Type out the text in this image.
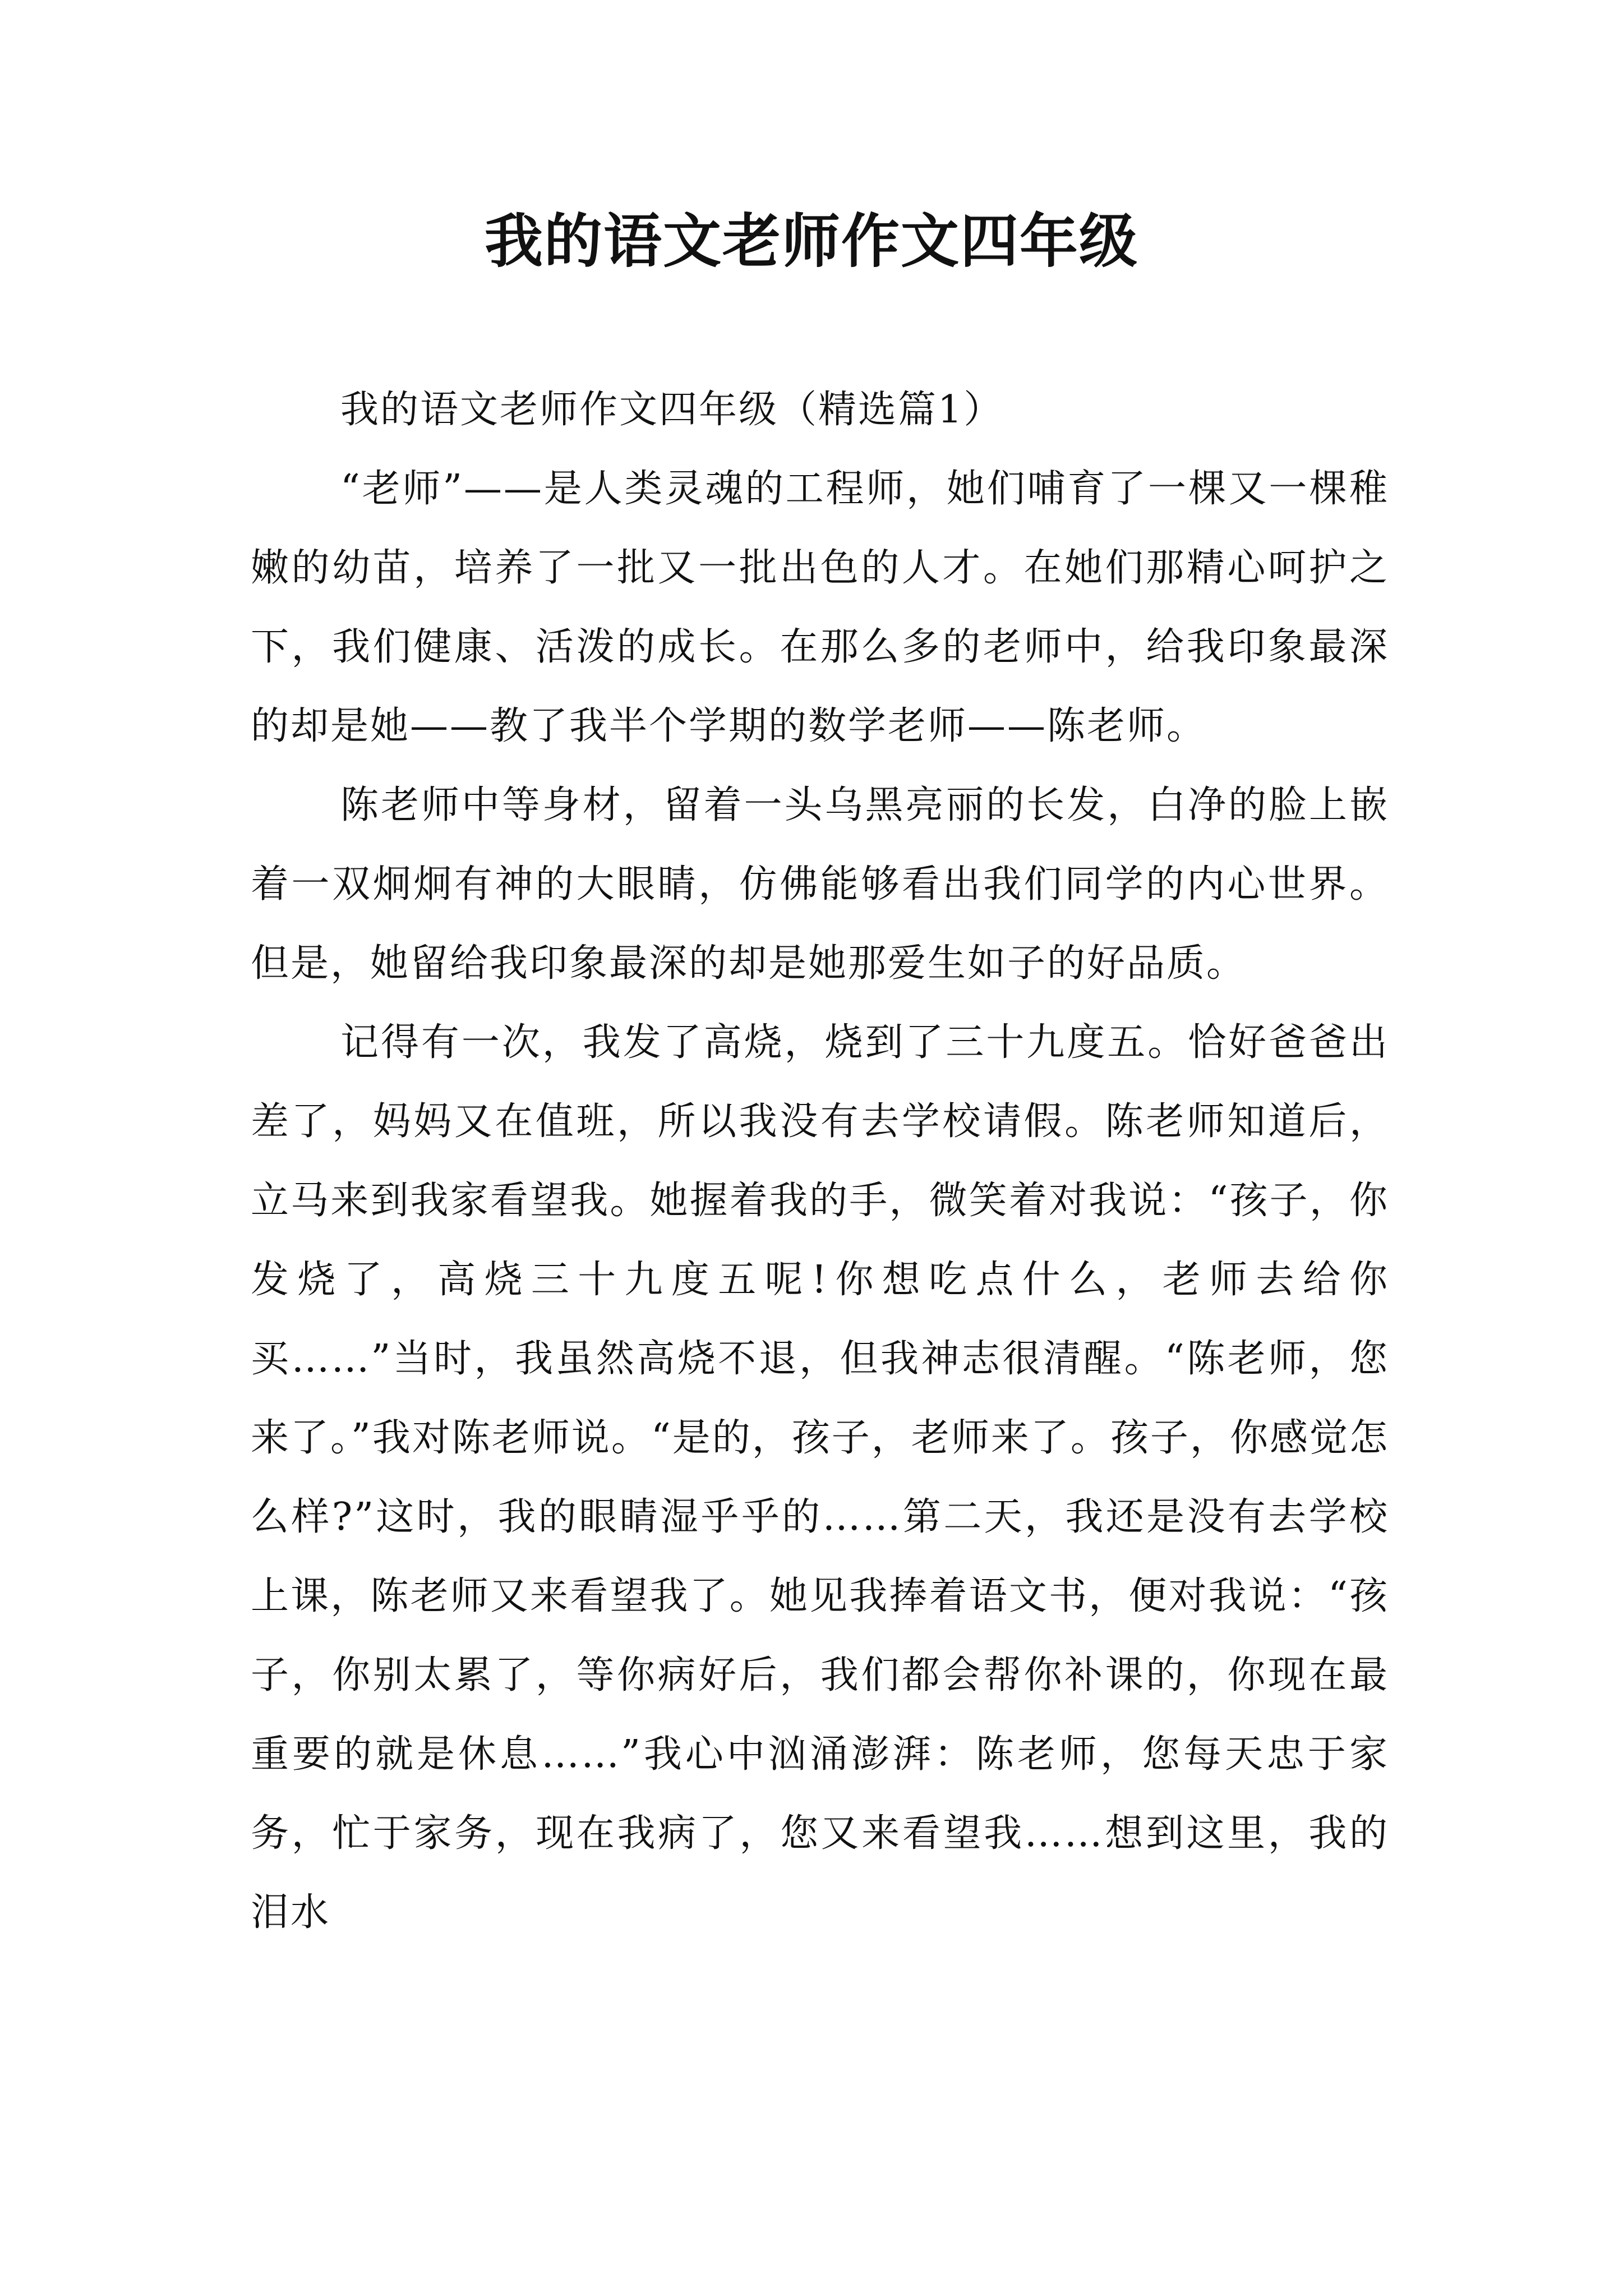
我的语文老师作文四年级

我的语文老师作文四年级（精选篇1）

“老师”——是人类灵魂的工程师，她们哺育了一棵又一棵稚嫩的幼苗，培养了一批又一批出色的人才。在她们那精心呵护之下，我们健康、活泼的成长。在那么多的老师中，给我印象最深的却是她——教了我半个学期的数学老师——陈老师。

陈老师中等身材，留着一头乌黑亮丽的长发，白净的脸上嵌着一双炯炯有神的大眼睛，仿佛能够看出我们同学的内心世界。但是，她留给我印象最深的却是她那爱生如子的好品质。

记得有一次，我发了高烧，烧到了三十九度五。恰好爸爸出差了，妈妈又在值班，所以我没有去学校请假。陈老师知道后，立马来到我家看望我。她握着我的手，微笑着对我说：“孩子，你发烧了，高烧三十九度五呢!你想吃点什么，老师去给你买……”当时，我虽然高烧不退，但我神志很清醒。“陈老师，您来了。”我对陈老师说。“是的，孩子，老师来了。孩子，你感觉怎么样?”这时，我的眼睛湿乎乎的……第二天，我还是没有去学校上课，陈老师又来看望我了。她见我捧着语文书，便对我说：“孩子，你别太累了，等你病好后，我们都会帮你补课的，你现在最重要的就是休息……”我心中汹涌澎湃：陈老师，您每天忠于家务，忙于家务，现在我病了，您又来看望我……想到这里，我的泪水
